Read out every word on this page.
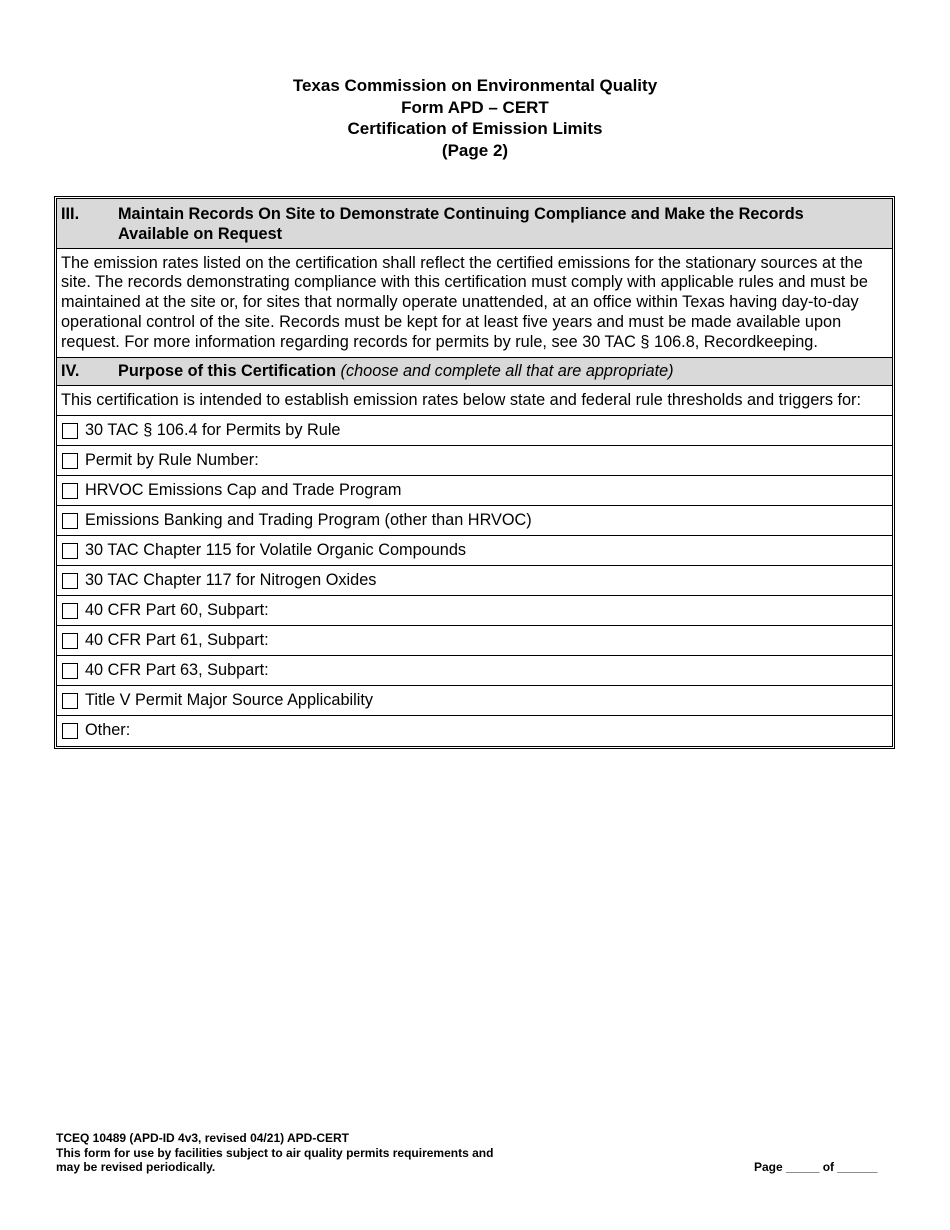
Texas Commission on Environmental Quality
Form APD – CERT
Certification of Emission Limits
(Page 2)
III.	Maintain Records On Site to Demonstrate Continuing Compliance and Make the Records
Available on Request
The emission rates listed on the certification shall reflect the certified emissions for the stationary sources at the site. The records demonstrating compliance with this certification must comply with applicable rules and must be maintained at the site or, for sites that normally operate unattended, at an office within Texas having day-to-day operational control of the site. Records must be kept for at least five years and must be made available upon request. For more information regarding records for permits by rule, see 30 TAC § 106.8, Recordkeeping.
IV.	Purpose of this Certification (choose and complete all that are appropriate)
This certification is intended to establish emission rates below state and federal rule thresholds and triggers for:
30 TAC § 106.4 for Permits by Rule
Permit by Rule Number:
HRVOC Emissions Cap and Trade Program
Emissions Banking and Trading Program (other than HRVOC)
30 TAC Chapter 115 for Volatile Organic Compounds
30 TAC Chapter 117 for Nitrogen Oxides
40 CFR Part 60, Subpart:
40 CFR Part 61, Subpart:
40 CFR Part 63, Subpart:
Title V Permit Major Source Applicability
Other:
TCEQ 10489 (APD-ID 4v3, revised 04/21) APD-CERT
This form for use by facilities subject to air quality permits requirements and
may be revised periodically.	Page _____ of ______
